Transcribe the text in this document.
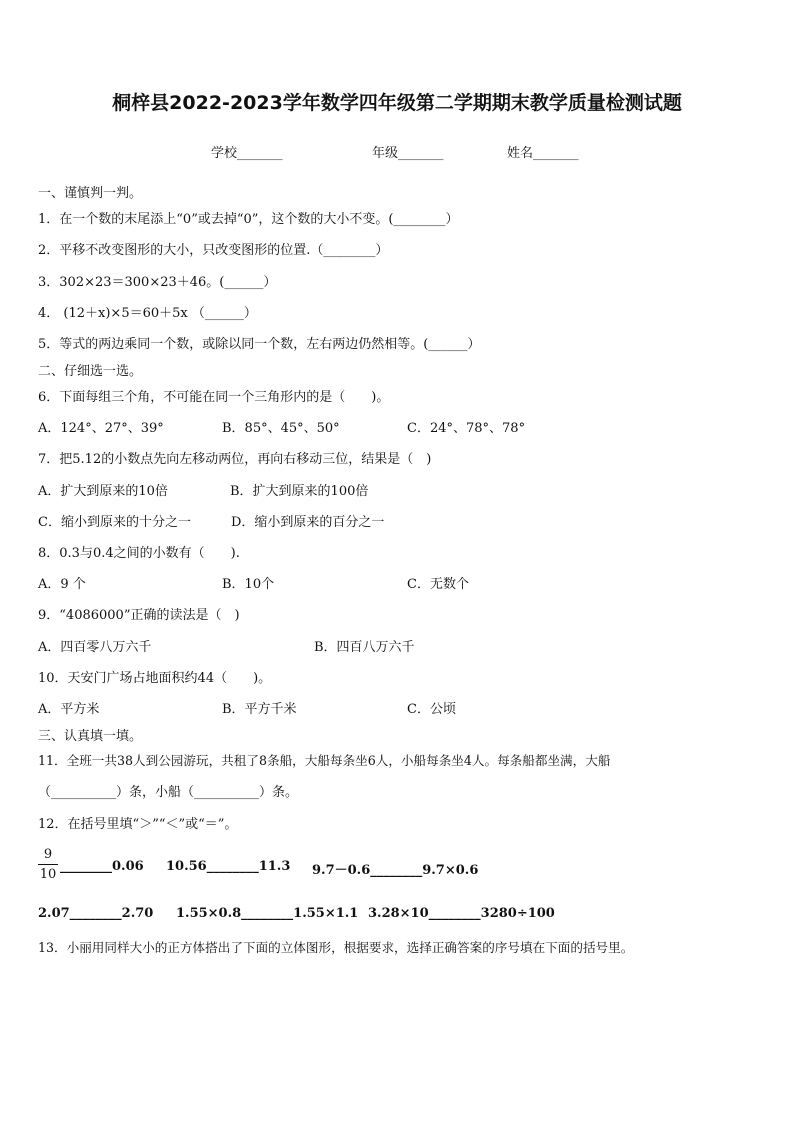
桐梓县2022-2023学年数学四年级第二学期期末教学质量检测试题
学校_______	年级_______	姓名_______
一、谨慎判一判。
1．在一个数的末尾添上“0”或去掉“0”，这个数的大小不变。(________）
2．平移不改变图形的大小，只改变图形的位置.（________）
3．302×23＝300×23＋46。(______）
4． (12＋x)×5＝60＋5x （______）
5．等式的两边乘同一个数，或除以同一个数，左右两边仍然相等。(______）
二、仔细选一选。
6．下面每组三个角，不可能在同一个三角形内的是（　　)。
A．124°、27°、39°	B．85°、45°、50°	C．24°、78°、78°
7．把5.12的小数点先向左移动两位，再向右移动三位，结果是（　)
A．扩大到原来的10倍	B．扩大到原来的100倍
C．缩小到原来的十分之一	D．缩小到原来的百分之一
8．0.3与0.4之间的小数有（　　).
A．9 个	B．10个	C．无数个
9．“4086000”正确的读法是（　)
A．四百零八万六千	B．四百八万六千
10．天安门广场占地面积约44（　　)。
A．平方米	B．平方千米	C．公顷
三、认真填一填。
11．全班一共38人到公园游玩，共租了8条船，大船每条坐6人，小船每条坐4人。每条船都坐满，大船
（__________）条，小船（__________）条。
12．在括号里填“＞”“＜”或“＝”。
9
10
________0.06 10.56________11.3 9.7－0.6________9.7×0.6
2.07________2.70 1.55×0.8________1.55×1.1 3.28×10________3280÷100
13．小丽用同样大小的正方体搭出了下面的立体图形，根据要求，选择正确答案的序号填在下面的括号里。
